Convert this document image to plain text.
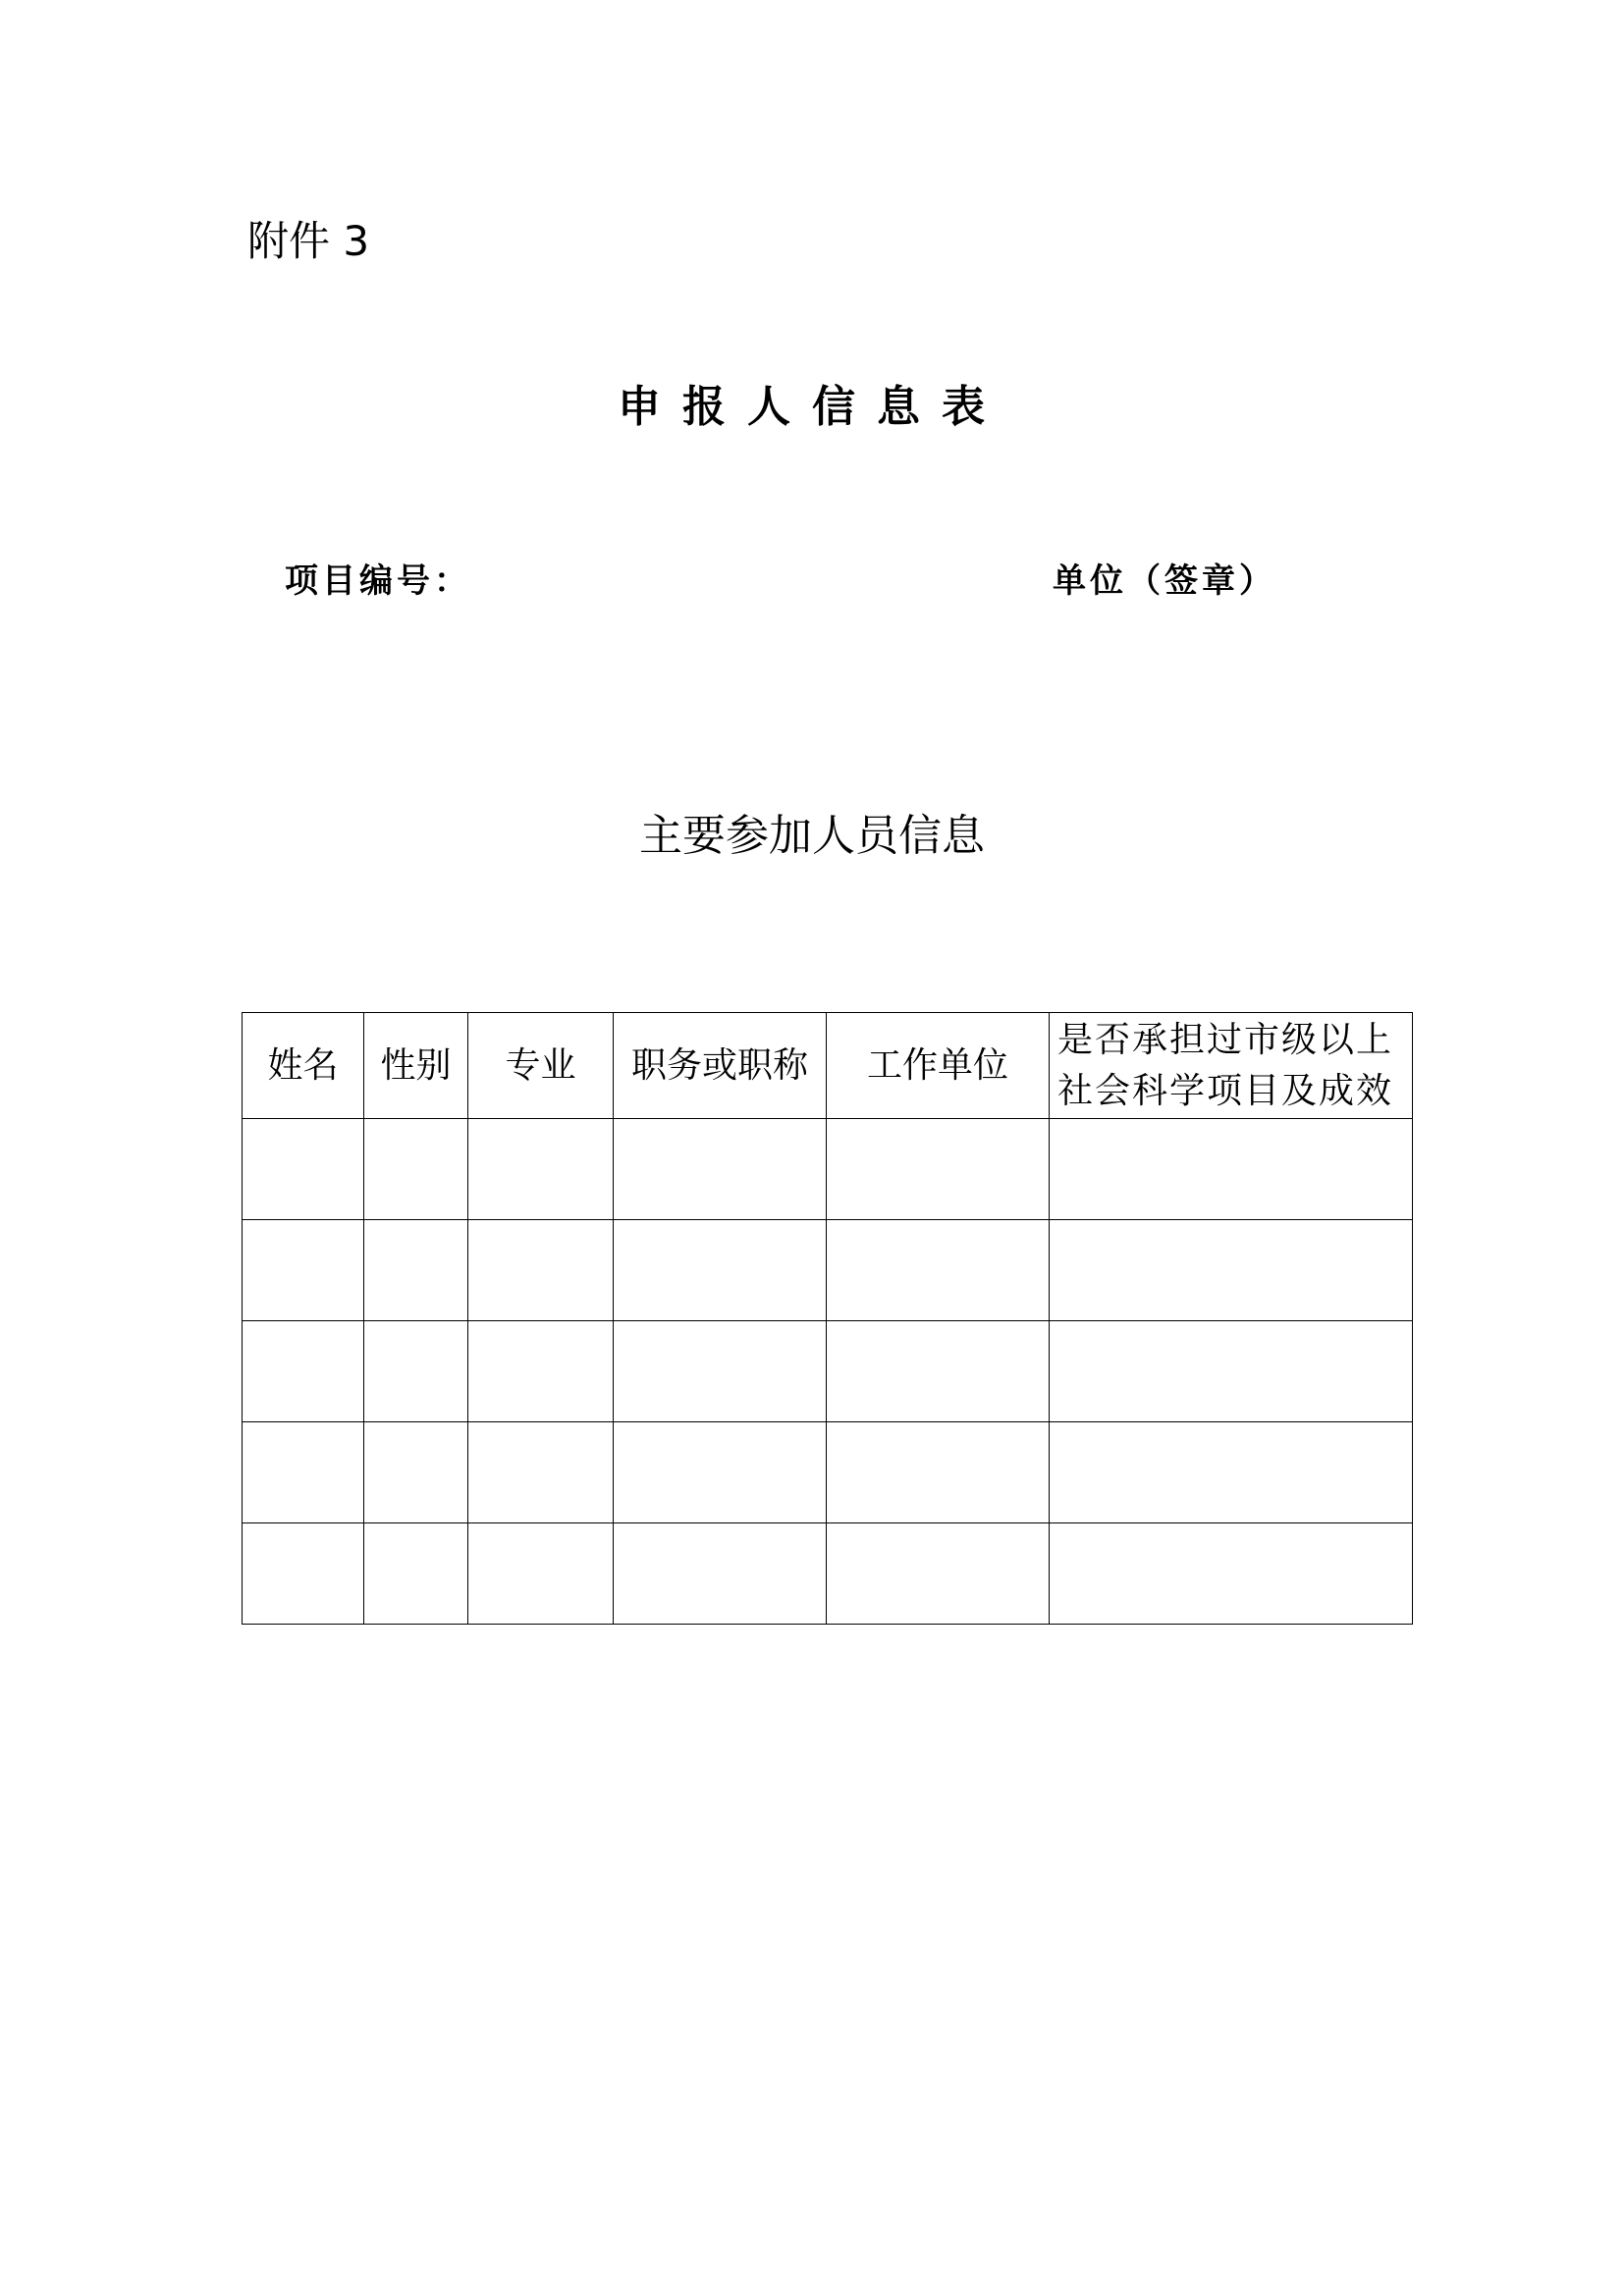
附件 3
申报人信息表
项目编号：	单位（签章）
主要参加人员信息
姓名	性别	专业	职务或职称	工作单位	是否承担过市级以上社会科学项目及成效
